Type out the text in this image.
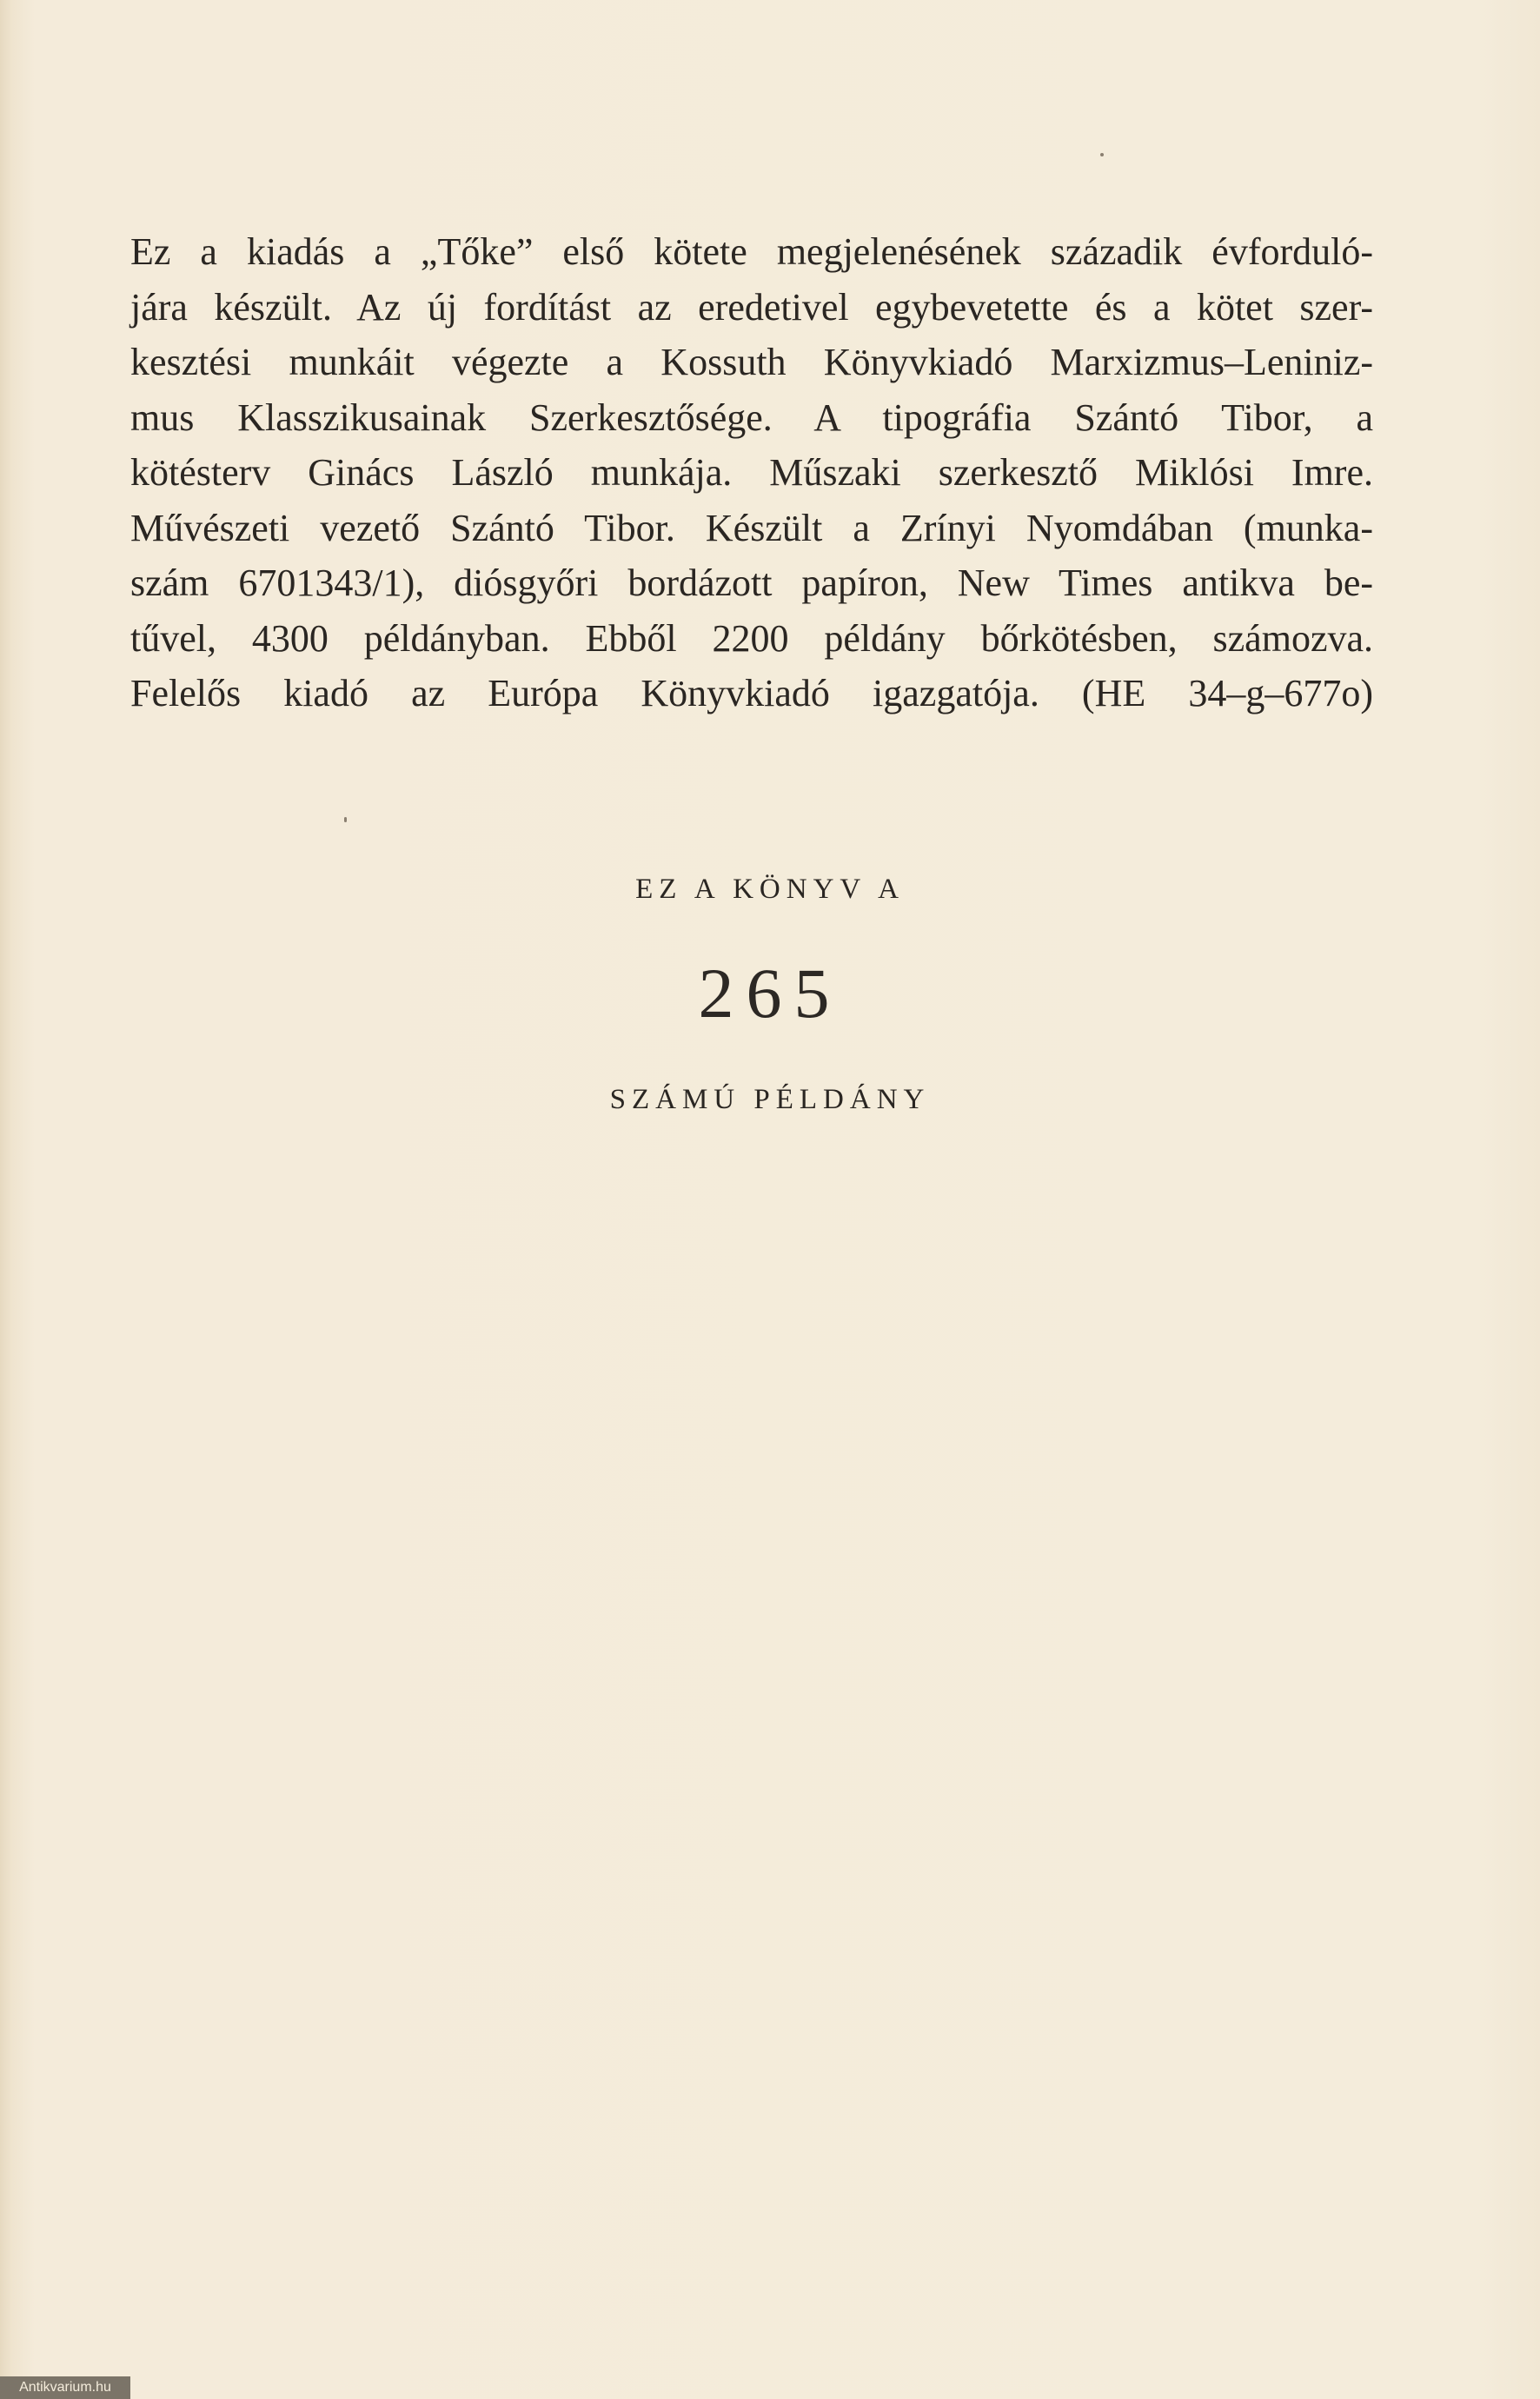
Ez a kiadás a „Tőke” első kötete megjelenésének századik évforduló-
jára készült. Az új fordítást az eredetivel egybevetette és a kötet szer-
kesztési munkáit végezte a Kossuth Könyvkiadó Marxizmus–Leniniz-
mus Klasszikusainak Szerkesztősége. A tipográfia Szántó Tibor, a
kötésterv Ginács László munkája. Műszaki szerkesztő Miklósi Imre.
Művészeti vezető Szántó Tibor. Készült a Zrínyi Nyomdában (munka-
szám 6701343/1), diósgyőri bordázott papíron, New Times antikva be-
tűvel, 4300 példányban. Ebből 2200 példány bőrkötésben, számozva.
Felelős kiadó az Európa Könyvkiadó igazgatója. (HE 34–g–677o)
EZ A KÖNYV A
265
SZÁMÚ PÉLDÁNY
Antikvarium.hu
